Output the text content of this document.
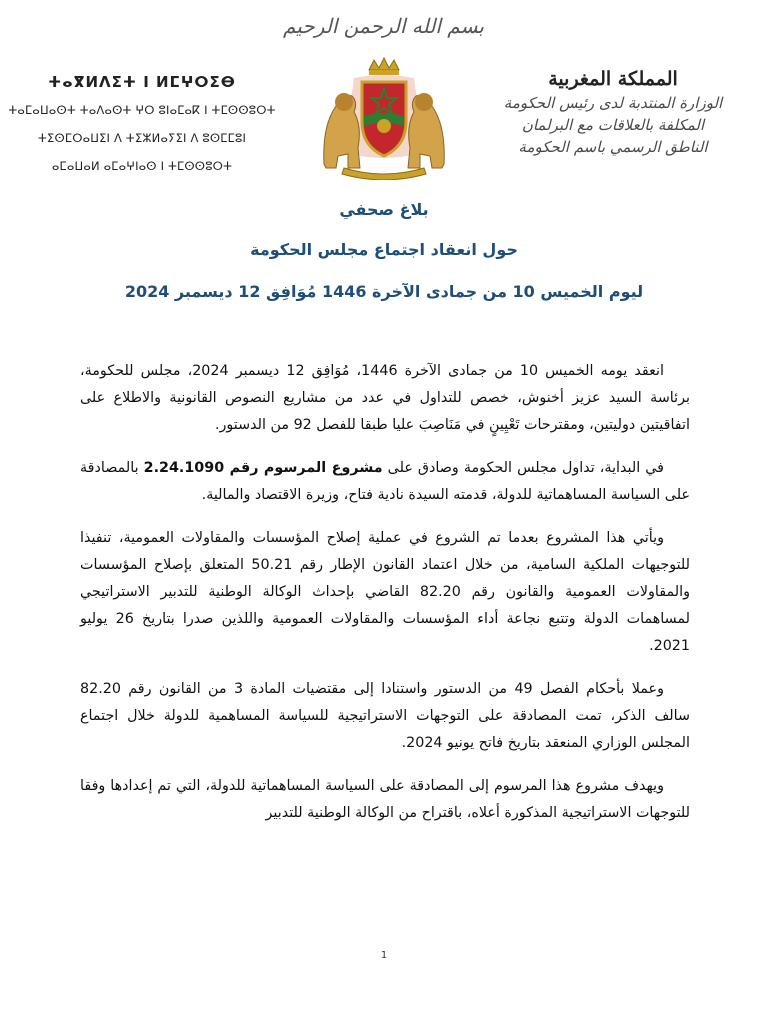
بسم الله الرحمن الرحيم
ⵜⴰⴳⵍⴷⵉⵜ ⵏ ⵍⵎⵖⵔⵉⴱ
ⵜⴰⵎⴰⵡⴰⵙⵜ ⵜⴰⴷⴰⵙⵜ ⵖⵔ ⵓⵏⴰⵎⴰⴽ ⵏ ⵜⵎⵙⵙⵓⵔⵜ
ⵜⵉⵙⵎⵔⴰⵡⵉⵏ ⴷ ⵜⵉⵣⵍⴰⵢⵉⵏ ⴷ ⵓⵙⵎⵎⵓⵏ
ⴰⵎⴰⵡⴰⵍ ⴰⵎⴰⵖⵏⴰⵙ ⵏ ⵜⵎⵙⵙⵓⵔⵜ
المملكة المغربية
الوزارة المنتدبة لدى رئيس الحكومة
المكلفة بالعلاقات مع البرلمان
الناطق الرسمي باسم الحكومة
بلاغ صحفي
حول انعقاد اجتماع مجلس الحكومة
ليوم الخميس 10 من جمادى الآخرة 1446 مُوَافِق 12 ديسمبر 2024

انعقد يومه الخميس 10 من جمادى الآخرة 1446، مُوَافِق 12 ديسمبر 2024، مجلس للحكومة، برئاسة السيد عزيز أخنوش، خصص للتداول في عدد من مشاريع النصوص القانونية والاطلاع على اتفاقيتين دوليتين، ومقترحات تَعْيِينٍ في مَنَاصِبَ عليا طبقا للفصل 92 من الدستور.

في البداية، تداول مجلس الحكومة وصادق على مشروع المرسوم رقم 2.24.1090 بالمصادقة على السياسة المساهماتية للدولة، قدمته السيدة نادية فتاح، وزيرة الاقتصاد والمالية.

ويأتي هذا المشروع بعدما تم الشروع في عملية إصلاح المؤسسات والمقاولات العمومية، تنفيذا للتوجيهات الملكية السامية، من خلال اعتماد القانون الإطار رقم 50.21 المتعلق بإصلاح المؤسسات والمقاولات العمومية والقانون رقم 82.20 القاضي بإحداث الوكالة الوطنية للتدبير الاستراتيجي لمساهمات الدولة وتتبع نجاعة أداء المؤسسات والمقاولات العمومية واللذين صدرا بتاريخ 26 يوليو 2021.

وعملا بأحكام الفصل 49 من الدستور واستنادا إلى مقتضيات المادة 3 من القانون رقم 82.20 سالف الذكر، تمت المصادقة على التوجهات الاستراتيجية للسياسة المساهمية للدولة خلال اجتماع المجلس الوزاري المنعقد بتاريخ فاتح يونيو 2024.

ويهدف مشروع هذا المرسوم إلى المصادقة على السياسة المساهماتية للدولة، التي تم إعدادها وفقا للتوجهات الاستراتيجية المذكورة أعلاه، باقتراح من الوكالة الوطنية للتدبير

1
